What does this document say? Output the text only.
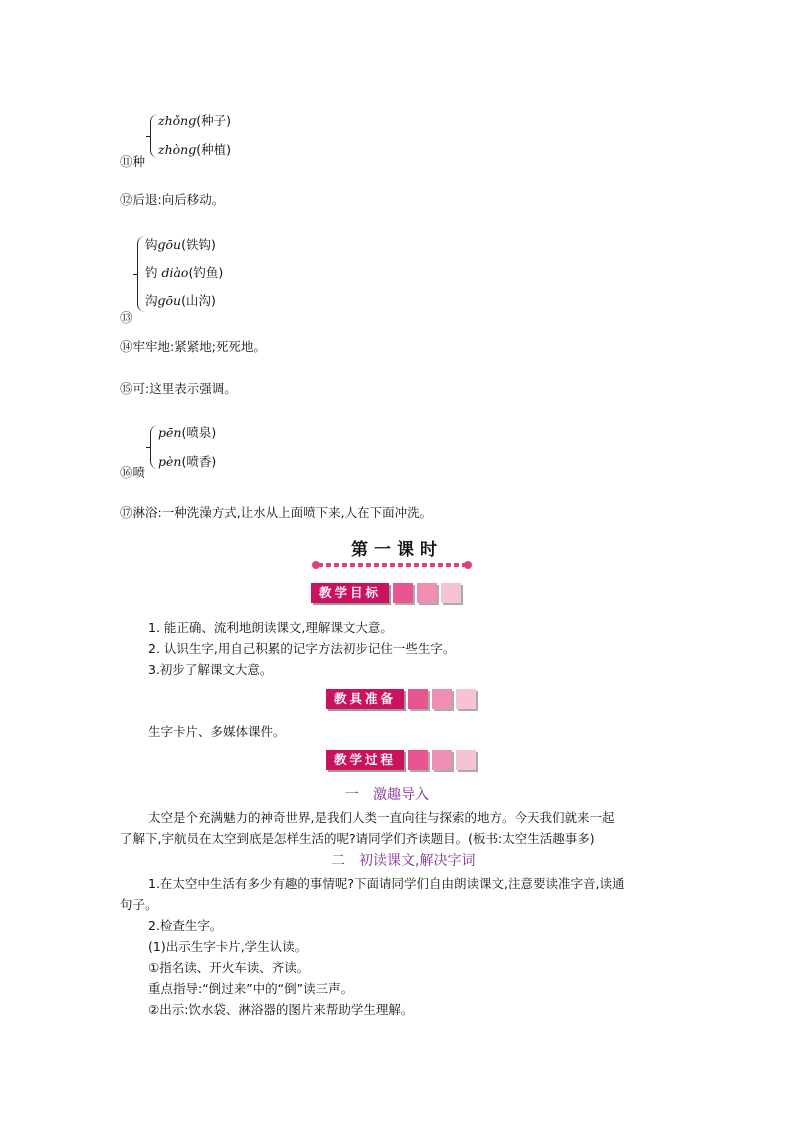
zhǒnɡ(种子)
zhònɡ(种植)
⑪种
⑫后退:向后移动。
钩ɡōu(铁钩)
钓 diào(钓鱼)
沟ɡōu(山沟)
⑬
⑭牢牢地:紧紧地;死死地。
⑮可:这里表示强调。
pēn(喷泉)
pèn(喷香)
⑯喷
⑰淋浴:一种洗澡方式,让水从上面喷下来,人在下面冲洗。
第一课时
教学目标
1. 能正确、流利地朗读课文,理解课文大意。
2. 认识生字,用自己积累的记字方法初步记住一些生字。
3.初步了解课文大意。
教具准备
生字卡片、多媒体课件。
教学过程
一　激趣导入
太空是个充满魅力的神奇世界,是我们人类一直向往与探索的地方。今天我们就来一起
了解下,宇航员在太空到底是怎样生活的呢?请同学们齐读题目。(板书:太空生活趣事多)
二　初读课文,解决字词
1.在太空中生活有多少有趣的事情呢?下面请同学们自由朗读课文,注意要读准字音,读通
句子。
2.检查生字。
(1)出示生字卡片,学生认读。
①指名读、开火车读、齐读。
重点指导:“倒过来”中的“倒”读三声。
②出示:饮水袋、淋浴器的图片来帮助学生理解。
